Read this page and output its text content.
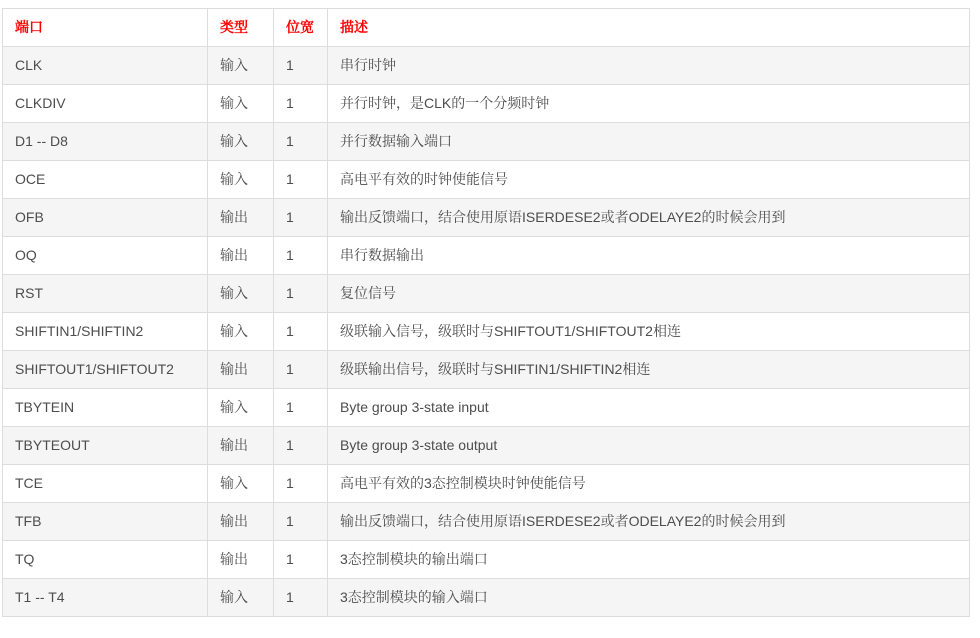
端口	类型	位宽	描述
CLK	输入	1	串行时钟
CLKDIV	输入	1	并行时钟，是CLK的一个分频时钟
D1 -- D8	输入	1	并行数据输入端口
OCE	输入	1	高电平有效的时钟使能信号
OFB	输出	1	输出反馈端口，结合使用原语ISERDESE2或者ODELAYE2的时候会用到
OQ	输出	1	串行数据输出
RST	输入	1	复位信号
SHIFTIN1/SHIFTIN2	输入	1	级联输入信号，级联时与SHIFTOUT1/SHIFTOUT2相连
SHIFTOUT1/SHIFTOUT2	输出	1	级联输出信号，级联时与SHIFTIN1/SHIFTIN2相连
TBYTEIN	输入	1	Byte group 3-state input
TBYTEOUT	输出	1	Byte group 3-state output
TCE	输入	1	高电平有效的3态控制模块时钟使能信号
TFB	输出	1	输出反馈端口，结合使用原语ISERDESE2或者ODELAYE2的时候会用到
TQ	输出	1	3态控制模块的输出端口
T1 -- T4	输入	1	3态控制模块的输入端口
